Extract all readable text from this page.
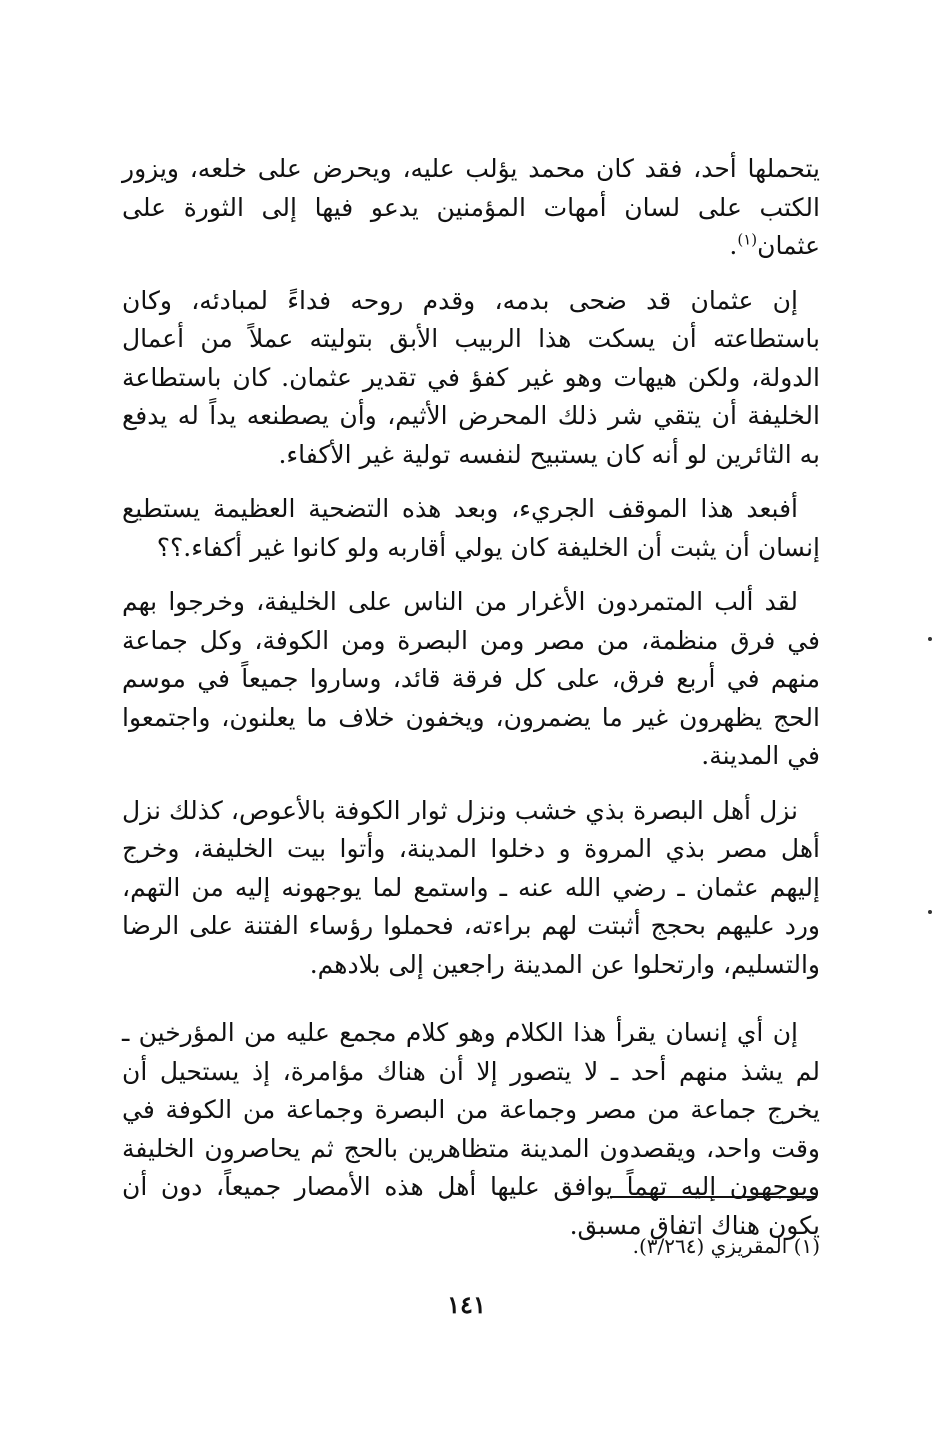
يتحملها أحد، فقد كان محمد يؤلب عليه، ويحرض على خلعه، ويزور الكتب على لسان أمهات المؤمنين يدعو فيها إلى الثورة على عثمان$^{(١)}$.

إن عثمان قد ضحى بدمه، وقدم روحه فداءً لمبادئه، وكان باستطاعته أن يسكت هذا الربيب الأبق بتوليته عملاً من أعمال الدولة، ولكن هيهات وهو غير كفؤ في تقدير عثمان. كان باستطاعة الخليفة أن يتقي شر ذلك المحرض الأثيم، وأن يصطنعه يداً له يدفع به الثائرين لو أنه كان يستبيح لنفسه تولية غير الأكفاء.

أفبعد هذا الموقف الجريء، وبعد هذه التضحية العظيمة يستطيع إنسان أن يثبت أن الخليفة كان يولي أقاربه ولو كانوا غير أكفاء.؟؟

لقد ألب المتمردون الأغرار من الناس على الخليفة، وخرجوا بهم في فرق منظمة، من مصر ومن البصرة ومن الكوفة، وكل جماعة منهم في أربع فرق، على كل فرقة قائد، وساروا جميعاً في موسم الحج يظهرون غير ما يضمرون، ويخفون خلاف ما يعلنون، واجتمعوا في المدينة.

نزل أهل البصرة بذي خشب ونزل ثوار الكوفة بالأعوص، كذلك نزل أهل مصر بذي المروة و دخلوا المدينة، وأتوا بيت الخليفة، وخرج إليهم عثمان ـ رضي الله عنه ـ واستمع لما يوجهونه إليه من التهم، ورد عليهم بحجج أثبتت لهم براءته، فحملوا رؤساء الفتنة على الرضا والتسليم، وارتحلوا عن المدينة راجعين إلى بلادهم.

إن أي إنسان يقرأ هذا الكلام وهو كلام مجمع عليه من المؤرخين ـ لم يشذ منهم أحد ـ لا يتصور إلا أن هناك مؤامرة، إذ يستحيل أن يخرج جماعة من مصر وجماعة من البصرة وجماعة من الكوفة في وقت واحد، ويقصدون المدينة متظاهرين بالحج ثم يحاصرون الخليفة ويوجهون إليه تهماً يوافق عليها أهل هذه الأمصار جميعاً، دون أن يكون هناك اتفاق مسبق.

(١) المقريزي (٣/٢٦٤).
١٤١
